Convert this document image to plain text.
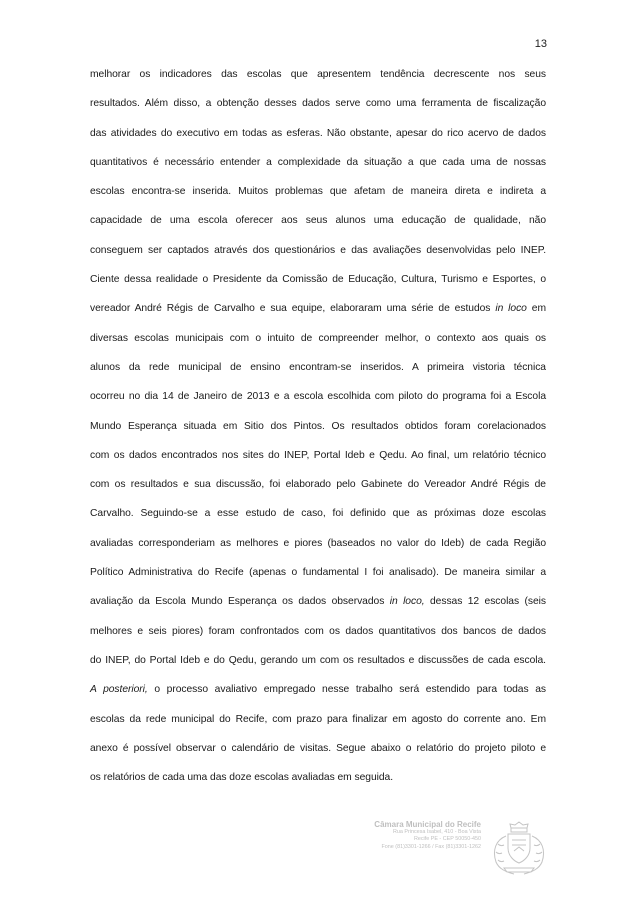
13
melhorar os indicadores das escolas que apresentem tendência decrescente nos seus
resultados. Além disso, a obtenção desses dados serve como uma ferramenta de fiscalização
das atividades do executivo em todas as esferas. Não obstante, apesar do rico acervo de dados
quantitativos é necessário entender a complexidade da situação a que cada uma de nossas
escolas encontra-se inserida. Muitos problemas que afetam de maneira direta e indireta a
capacidade de uma escola oferecer aos seus alunos uma educação de qualidade, não
conseguem ser captados através dos questionários e das avaliações desenvolvidas pelo INEP.
Ciente dessa realidade o Presidente da Comissão de Educação, Cultura, Turismo e Esportes, o
vereador André Régis de Carvalho e sua equipe, elaboraram uma série de estudos in loco em
diversas escolas municipais com o intuito de compreender melhor, o contexto aos quais os
alunos da rede municipal de ensino encontram-se inseridos. A primeira vistoria técnica
ocorreu no dia 14 de Janeiro de 2013 e a escola escolhida com piloto do programa foi a Escola
Mundo Esperança situada em Sitio dos Pintos. Os resultados obtidos foram corelacionados
com os dados encontrados nos sites do INEP, Portal Ideb e Qedu. Ao final, um relatório técnico
com os resultados e sua discussão, foi elaborado pelo Gabinete do Vereador André Régis de
Carvalho. Seguindo-se a esse estudo de caso, foi definido que as próximas doze escolas
avaliadas corresponderiam as melhores e piores (baseados no valor do Ideb) de cada Região
Político Administrativa do Recife (apenas o fundamental I foi analisado). De maneira similar a
avaliação da Escola Mundo Esperança os dados observados in loco, dessas 12 escolas (seis
melhores e seis piores) foram confrontados com os dados quantitativos dos bancos de dados
do INEP, do Portal Ideb e do Qedu, gerando um com os resultados e discussões de cada escola.
A posteriori, o processo avaliativo empregado nesse trabalho será estendido para todas as
escolas da rede municipal do Recife, com prazo para finalizar em agosto do corrente ano. Em
anexo é possível observar o calendário de visitas. Segue abaixo o relatório do projeto piloto e
os relatórios de cada uma das doze escolas avaliadas em seguida.
Câmara Municipal do Recife
Rua Princesa Isabel, 410 - Boa Vista
Recife PE - CEP 50050-450
Fone (81)3301-1266 / Fax (81)3301-1262
